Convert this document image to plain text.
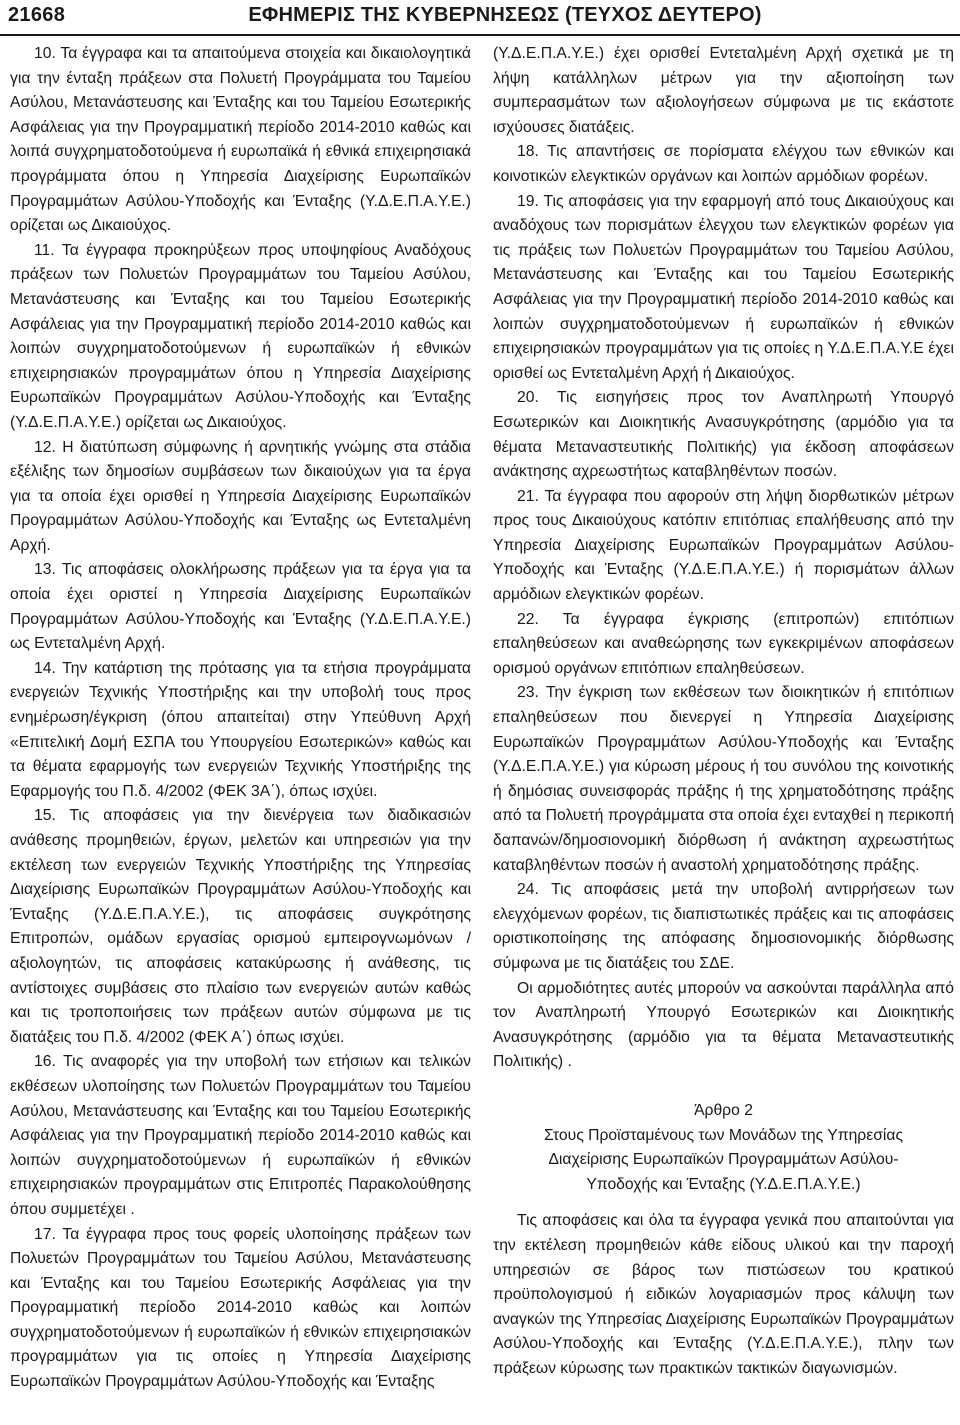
21668	ΕΦΗΜΕΡΙΣ ΤΗΣ ΚΥΒΕΡΝΗΣΕΩΣ (ΤΕΥΧΟΣ ΔΕΥΤΕΡΟ)

10. Τα έγγραφα και τα απαιτούμενα στοιχεία και δικαιολογητικά για την ένταξη πράξεων στα Πολυετή Προγράμματα του Ταμείου Ασύλου, Μετανάστευσης και Ένταξης και του Ταμείου Εσωτερικής Ασφάλειας για την Προγραμματική περίοδο 2014-2010 καθώς και λοιπά συγχρηματοδοτούμενα ή ευρωπαϊκά ή εθνικά επιχειρησιακά προγράμματα όπου η Υπηρεσία Διαχείρισης Ευρωπαϊκών Προγραμμάτων Ασύλου-Υποδοχής και Ένταξης (Υ.Δ.Ε.Π.Α.Υ.Ε.) ορίζεται ως Δικαιούχος.

11. Τα έγγραφα προκηρύξεων προς υποψηφίους Αναδόχους πράξεων των Πολυετών Προγραμμάτων του Ταμείου Ασύλου, Μετανάστευσης και Ένταξης και του Ταμείου Εσωτερικής Ασφάλειας για την Προγραμματική περίοδο 2014-2010 καθώς και λοιπών συγχρηματοδοτούμενων ή ευρωπαϊκών ή εθνικών επιχειρησιακών προγραμμάτων όπου η Υπηρεσία Διαχείρισης Ευρωπαϊκών Προγραμμάτων Ασύλου-Υποδοχής και Ένταξης (Υ.Δ.Ε.Π.Α.Υ.Ε.) ορίζεται ως Δικαιούχος.

12. Η διατύπωση σύμφωνης ή αρνητικής γνώμης στα στάδια εξέλιξης των δημοσίων συμβάσεων των δικαιούχων για τα έργα για τα οποία έχει ορισθεί η Υπηρεσία Διαχείρισης Ευρωπαϊκών Προγραμμάτων Ασύλου-Υποδοχής και Ένταξης ως Εντεταλμένη Αρχή.

13. Τις αποφάσεις ολοκλήρωσης πράξεων για τα έργα για τα οποία έχει οριστεί η Υπηρεσία Διαχείρισης Ευρωπαϊκών Προγραμμάτων Ασύλου-Υποδοχής και Ένταξης (Υ.Δ.Ε.Π.Α.Υ.Ε.) ως Εντεταλμένη Αρχή.

14. Την κατάρτιση της πρότασης για τα ετήσια προγράμματα ενεργειών Τεχνικής Υποστήριξης και την υποβολή τους προς ενημέρωση/έγκριση (όπου απαιτείται) στην Υπεύθυνη Αρχή «Επιτελική Δομή ΕΣΠΑ του Υπουργείου Εσωτερικών» καθώς και τα θέματα εφαρμογής των ενεργειών Τεχνικής Υποστήριξης της Εφαρμογής του Π.δ. 4/2002 (ΦΕΚ 3Α΄), όπως ισχύει.

15. Τις αποφάσεις για την διενέργεια των διαδικασιών ανάθεσης προμηθειών, έργων, μελετών και υπηρεσιών για την εκτέλεση των ενεργειών Τεχνικής Υποστήριξης της Υπηρεσίας Διαχείρισης Ευρωπαϊκών Προγραμμάτων Ασύλου-Υποδοχής και Ένταξης (Υ.Δ.Ε.Π.Α.Υ.Ε.), τις αποφάσεις συγκρότησης Επιτροπών, ομάδων εργασίας ορισμού εμπειρογνωμόνων /αξιολογητών, τις αποφάσεις κατακύρωσης ή ανάθεσης, τις αντίστοιχες συμβάσεις στο πλαίσιο των ενεργειών αυτών καθώς και τις τροποποιήσεις των πράξεων αυτών σύμφωνα με τις διατάξεις του Π.δ. 4/2002 (ΦΕΚ Α΄) όπως ισχύει.

16. Τις αναφορές για την υποβολή των ετήσιων και τελικών εκθέσεων υλοποίησης των Πολυετών Προγραμμάτων του Ταμείου Ασύλου, Μετανάστευσης και Ένταξης και του Ταμείου Εσωτερικής Ασφάλειας για την Προγραμματική περίοδο 2014-2010 καθώς και λοιπών συγχρηματοδοτούμενων ή ευρωπαϊκών ή εθνικών επιχειρησιακών προγραμμάτων στις Επιτροπές Παρακολούθησης όπου συμμετέχει .

17. Τα έγγραφα προς τους φορείς υλοποίησης πράξεων των Πολυετών Προγραμμάτων του Ταμείου Ασύλου, Μετανάστευσης και Ένταξης και του Ταμείου Εσωτερικής Ασφάλειας για την Προγραμματική περίοδο 2014-2010 καθώς και λοιπών συγχρηματοδοτούμενων ή ευρωπαϊκών ή εθνικών επιχειρησιακών προγραμμάτων για τις οποίες η Υπηρεσία Διαχείρισης Ευρωπαϊκών Προγραμμάτων Ασύλου-Υποδοχής και Ένταξης

(Υ.Δ.Ε.Π.Α.Υ.Ε.) έχει ορισθεί Εντεταλμένη Αρχή σχετικά με τη λήψη κατάλληλων μέτρων για την αξιοποίηση των συμπερασμάτων των αξιολογήσεων σύμφωνα με τις εκάστοτε ισχύουσες διατάξεις.

18. Τις απαντήσεις σε πορίσματα ελέγχου των εθνικών και κοινοτικών ελεγκτικών οργάνων και λοιπών αρμόδιων φορέων.

19. Τις αποφάσεις για την εφαρμογή από τους Δικαιούχους και αναδόχους των πορισμάτων έλεγχου των ελεγκτικών φορέων για τις πράξεις των Πολυετών Προγραμμάτων του Ταμείου Ασύλου, Μετανάστευσης και Ένταξης και του Ταμείου Εσωτερικής Ασφάλειας για την Προγραμματική περίοδο 2014-2010 καθώς και λοιπών συγχρηματοδοτούμενων ή ευρωπαϊκών ή εθνικών επιχειρησιακών προγραμμάτων για τις οποίες η Υ.Δ.Ε.Π.Α.Υ.Ε έχει ορισθεί ως Εντεταλμένη Αρχή ή Δικαιούχος.

20. Τις εισηγήσεις προς τον Αναπληρωτή Υπουργό Εσωτερικών και Διοικητικής Ανασυγκρότησης (αρμόδιο για τα θέματα Μεταναστευτικής Πολιτικής) για έκδοση αποφάσεων ανάκτησης αχρεωστήτως καταβληθέντων ποσών.

21. Τα έγγραφα που αφορούν στη λήψη διορθωτικών μέτρων προς τους Δικαιούχους κατόπιν επιτόπιας επαλήθευσης από την Υπηρεσία Διαχείρισης Ευρωπαϊκών Προγραμμάτων Ασύλου-Υποδοχής και Ένταξης (Υ.Δ.Ε.Π.Α.Υ.Ε.) ή πορισμάτων άλλων αρμόδιων ελεγκτικών φορέων.

22. Τα έγγραφα έγκρισης (επιτροπών) επιτόπιων επαληθεύσεων και αναθεώρησης των εγκεκριμένων αποφάσεων ορισμού οργάνων επιτόπιων επαληθεύσεων.

23. Την έγκριση των εκθέσεων των διοικητικών ή επιτόπιων επαληθεύσεων που διενεργεί η Υπηρεσία Διαχείρισης Ευρωπαϊκών Προγραμμάτων Ασύλου-Υποδοχής και Ένταξης (Υ.Δ.Ε.Π.Α.Υ.Ε.) για κύρωση μέρους ή του συνόλου της κοινοτικής ή δημόσιας συνεισφοράς πράξης ή της χρηματοδότησης πράξης από τα Πολυετή προγράμματα στα οποία έχει ενταχθεί η περικοπή δαπανών/δημοσιονομική διόρθωση ή ανάκτηση αχρεωστήτως καταβληθέντων ποσών ή αναστολή χρηματοδότησης πράξης.

24. Τις αποφάσεις μετά την υποβολή αντιρρήσεων των ελεγχόμενων φορέων, τις διαπιστωτικές πράξεις και τις αποφάσεις οριστικοποίησης της απόφασης δημοσιονομικής διόρθωσης σύμφωνα με τις διατάξεις του ΣΔΕ.

Οι αρμοδιότητες αυτές μπορούν να ασκούνται παράλληλα από τον Αναπληρωτή Υπουργό Εσωτερικών και Διοικητικής Ανασυγκρότησης (αρμόδιο για τα θέματα Μεταναστευτικής Πολιτικής) .

Άρθρο 2
Στους Προϊσταμένους των Μονάδων της Υπηρεσίας
Διαχείρισης Ευρωπαϊκών Προγραμμάτων Ασύλου-
Υποδοχής και Ένταξης (Υ.Δ.Ε.Π.Α.Υ.Ε.)

Τις αποφάσεις και όλα τα έγγραφα γενικά που απαιτούνται για την εκτέλεση προμηθειών κάθε είδους υλικού και την παροχή υπηρεσιών σε βάρος των πιστώσεων του κρατικού προϋπολογισμού ή ειδικών λογαριασμών προς κάλυψη των αναγκών της Υπηρεσίας Διαχείρισης Ευρωπαϊκών Προγραμμάτων Ασύλου-Υποδοχής και Ένταξης (Υ.Δ.Ε.Π.Α.Υ.Ε.), πλην των πράξεων κύρωσης των πρακτικών τακτικών διαγωνισμών.
